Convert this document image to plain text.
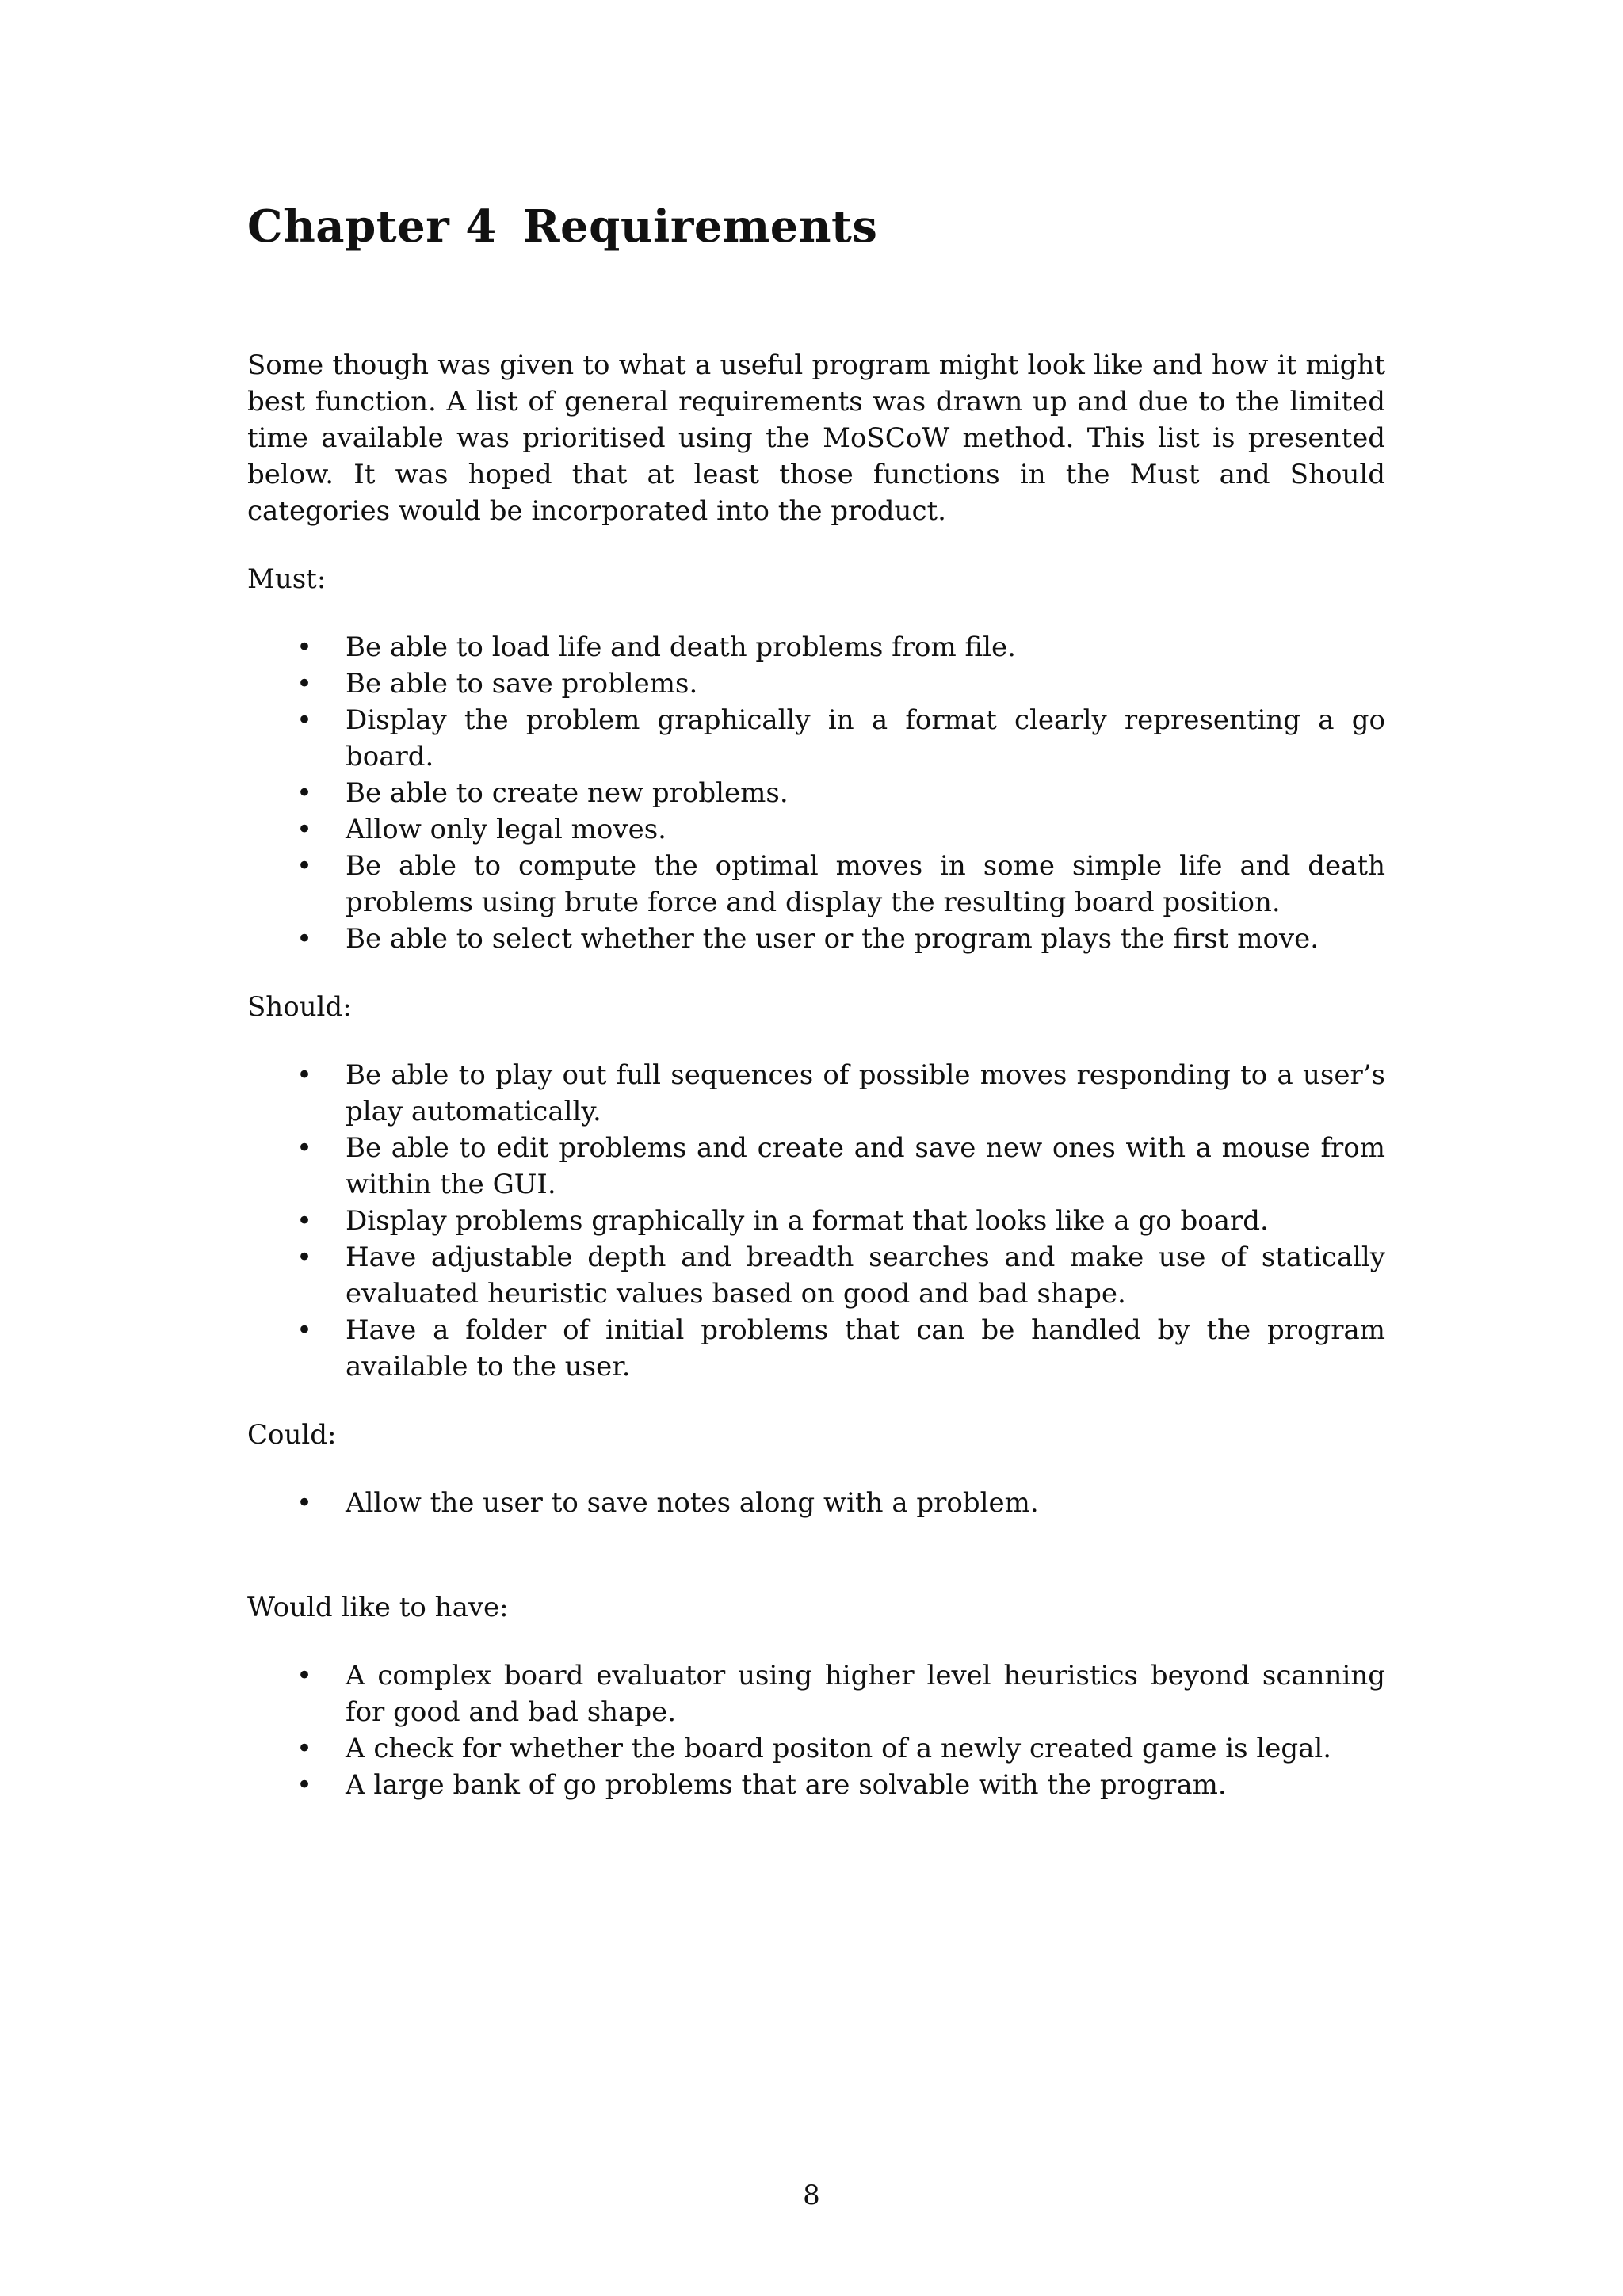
Chapter 4 Requirements

Some though was given to what a useful program might look like and how it might best function. A list of general requirements was drawn up and due to the limited time available was prioritised using the MoSCoW method. This list is presented below. It was hoped that at least those functions in the Must and Should categories would be incorporated into the product.

Must:

• Be able to load life and death problems from file.
• Be able to save problems.
• Display the problem graphically in a format clearly representing a go board.
• Be able to create new problems.
• Allow only legal moves.
• Be able to compute the optimal moves in some simple life and death problems using brute force and display the resulting board position.
• Be able to select whether the user or the program plays the first move.

Should:

• Be able to play out full sequences of possible moves responding to a user’s play automatically.
• Be able to edit problems and create and save new ones with a mouse from within the GUI.
• Display problems graphically in a format that looks like a go board.
• Have adjustable depth and breadth searches and make use of statically evaluated heuristic values based on good and bad shape.
• Have a folder of initial problems that can be handled by the program available to the user.

Could:

• Allow the user to save notes along with a problem.

Would like to have:

• A complex board evaluator using higher level heuristics beyond scanning for good and bad shape.
• A check for whether the board positon of a newly created game is legal.
• A large bank of go problems that are solvable with the program.
8
